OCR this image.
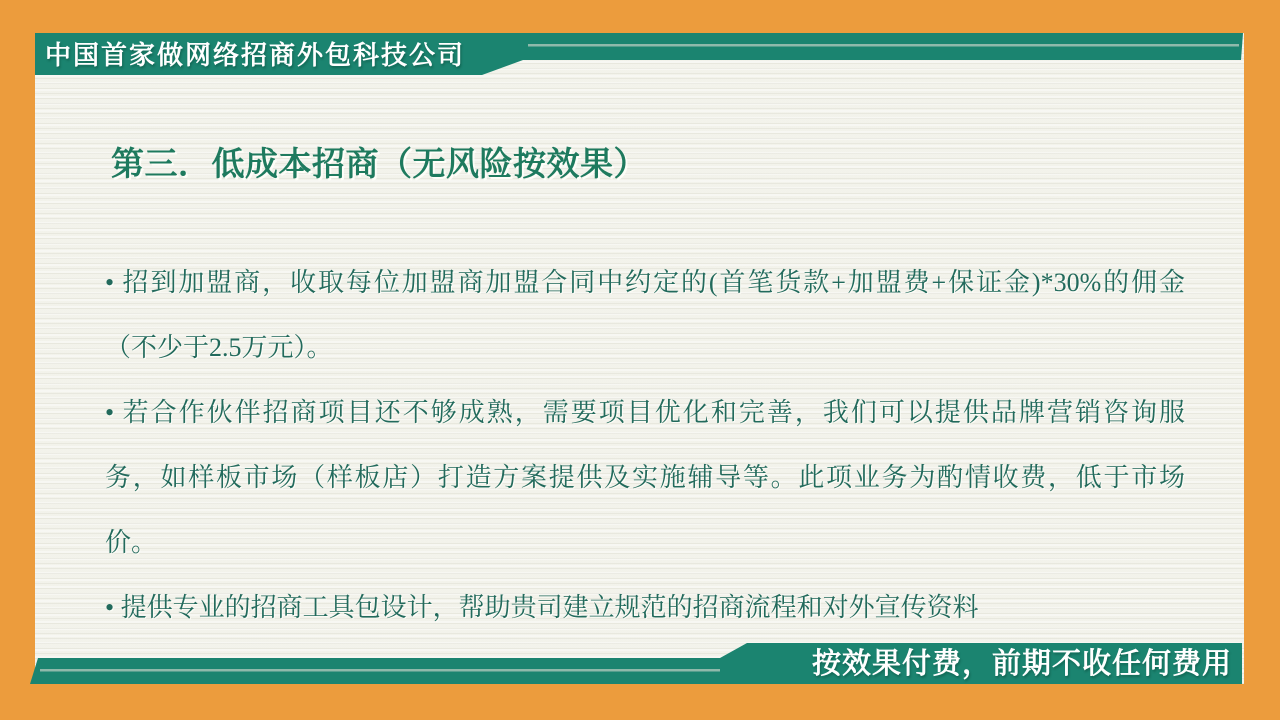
中国首家做网络招商外包科技公司
第三．低成本招商（无风险按效果）
• 招到加盟商，收取每位加盟商加盟合同中约定的(首笔货款+加盟费+保证金)*30%的佣金
（不少于2.5万元）。
• 若合作伙伴招商项目还不够成熟，需要项目优化和完善，我们可以提供品牌营销咨询服
务，如样板市场（样板店）打造方案提供及实施辅导等。此项业务为酌情收费，低于市场
价。
• 提供专业的招商工具包设计，帮助贵司建立规范的招商流程和对外宣传资料
按效果付费，前期不收任何费用
